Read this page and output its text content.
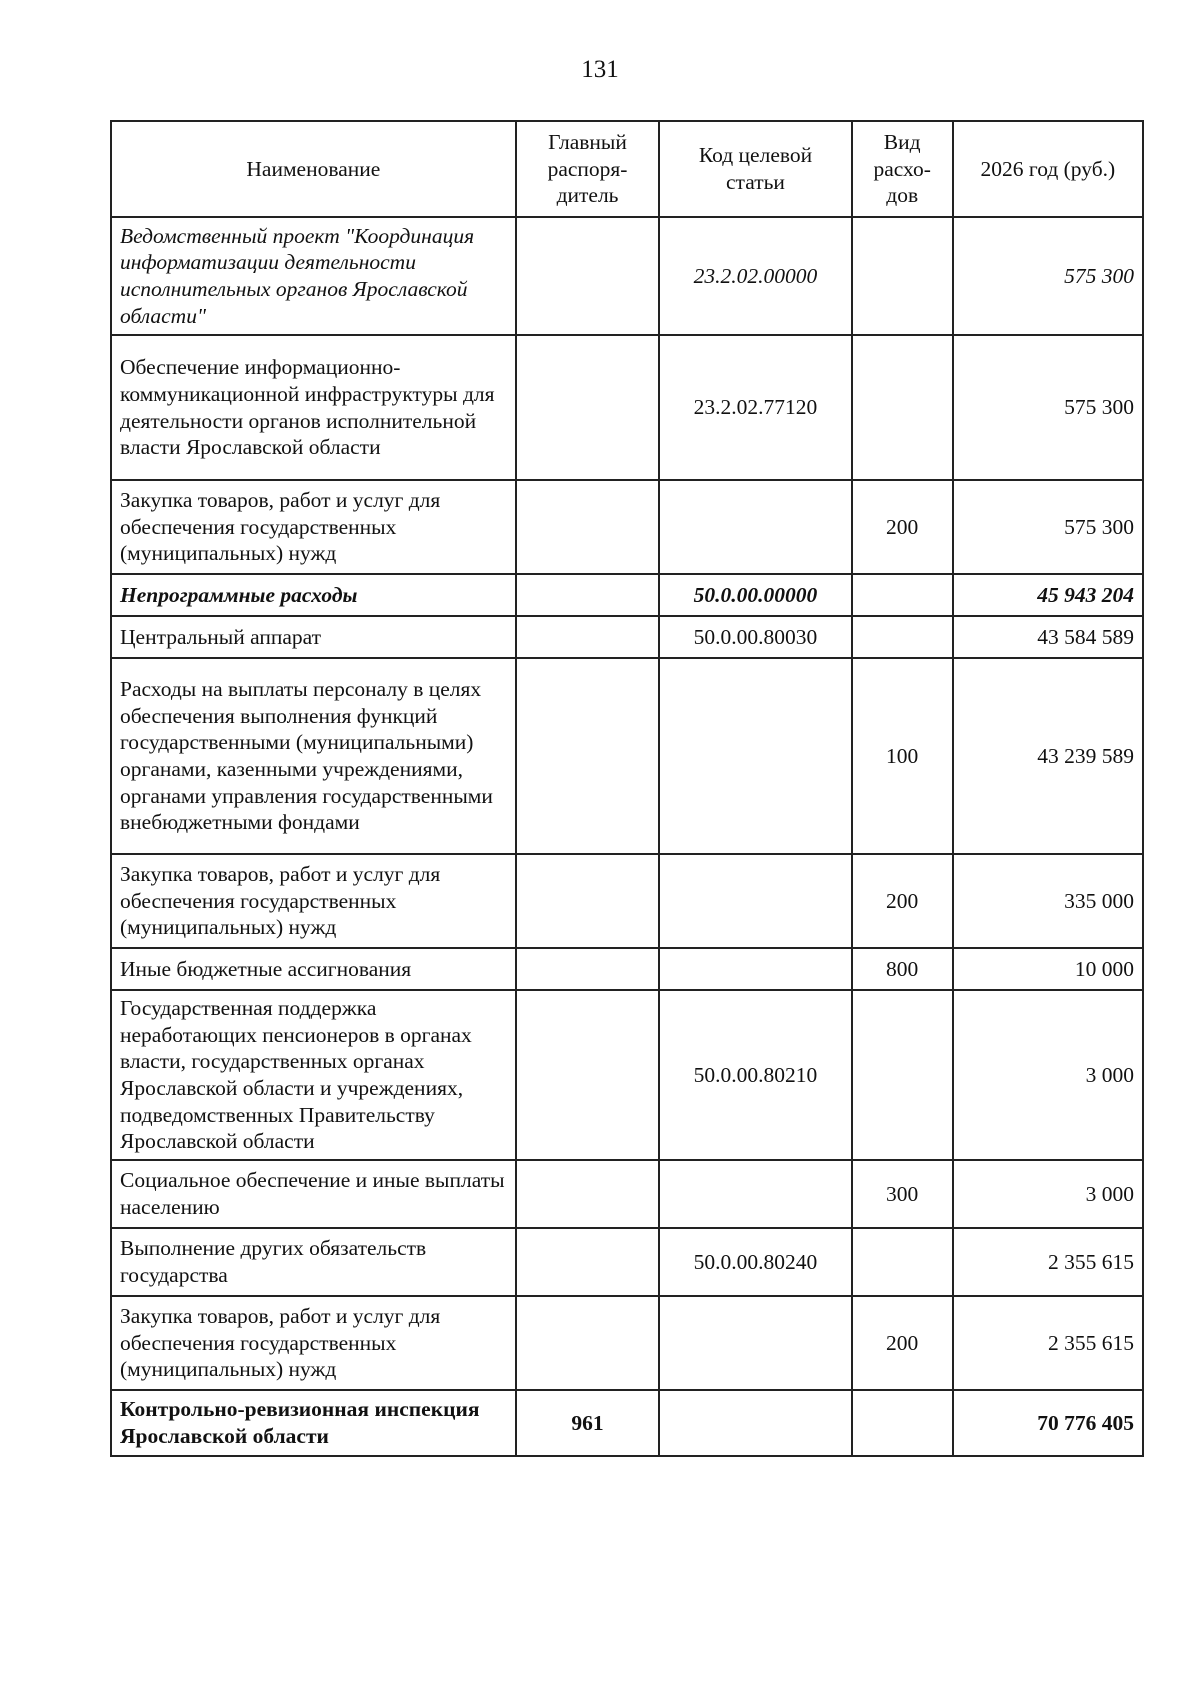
131
Наименование	Главный распоря-дитель	Код целевой статьи	Вид расхо-дов	2026 год (руб.)
Ведомственный проект "Координация информатизации деятельности исполнительных органов Ярославской области"		23.2.02.00000		575 300
Обеспечение информационно-коммуникационной инфраструктуры для деятельности органов исполнительной власти Ярославской области		23.2.02.77120		575 300
Закупка товаров, работ и услуг для обеспечения государственных (муниципальных) нужд			200	575 300
Непрограммные расходы		50.0.00.00000		45 943 204
Центральный аппарат		50.0.00.80030		43 584 589
Расходы на выплаты персоналу в целях обеспечения выполнения функций государственными (муниципальными) органами, казенными учреждениями, органами управления государственными внебюджетными фондами			100	43 239 589
Закупка товаров, работ и услуг для обеспечения государственных (муниципальных) нужд			200	335 000
Иные бюджетные ассигнования			800	10 000
Государственная поддержка неработающих пенсионеров в органах власти, государственных органах Ярославской области и учреждениях, подведомственных Правительству Ярославской области		50.0.00.80210		3 000
Социальное обеспечение и иные выплаты населению			300	3 000
Выполнение других обязательств государства		50.0.00.80240		2 355 615
Закупка товаров, работ и услуг для обеспечения государственных (муниципальных) нужд			200	2 355 615
Контрольно-ревизионная инспекция Ярославской области	961			70 776 405
